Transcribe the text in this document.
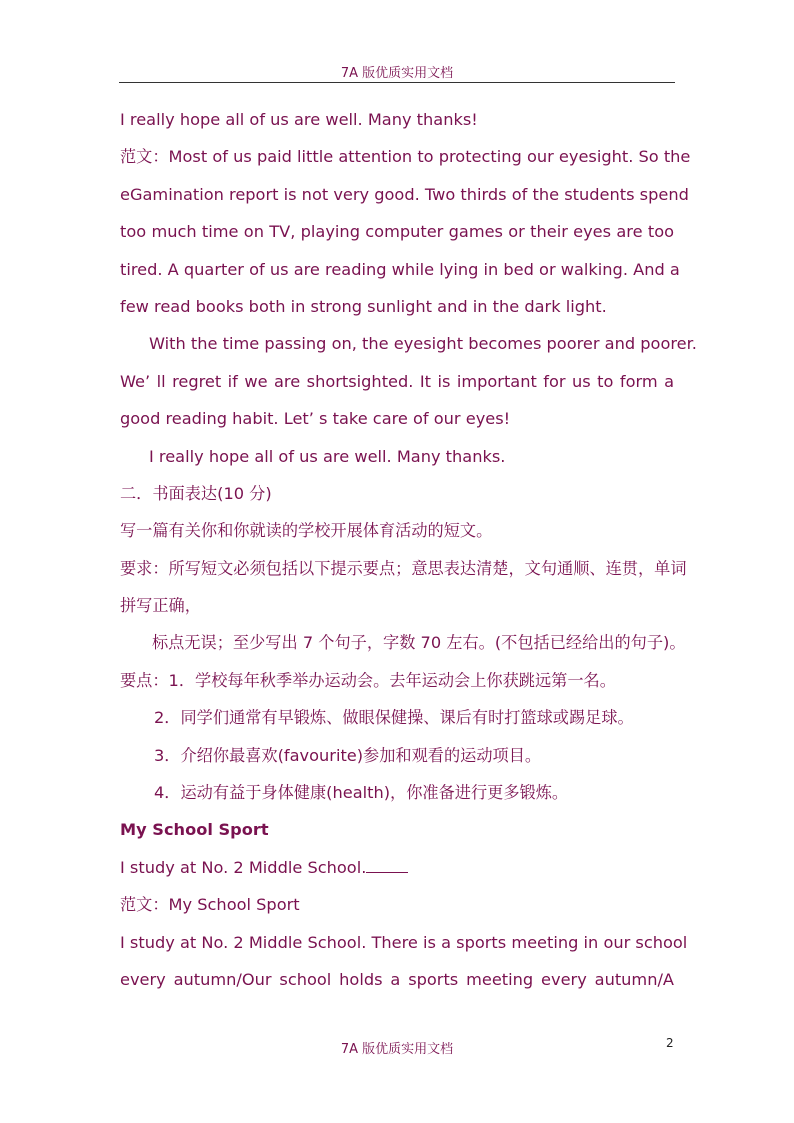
7A 版优质实用文档
I really hope all of us are well. Many thanks!
范文：Most of us paid little attention to protecting our eyesight. So the
eGamination report is not very good. Two thirds of the students spend
too much time on TV, playing computer games or their eyes are too
tired. A quarter of us are reading while lying in bed or walking. And a
few read books both in strong sunlight and in the dark light.
With the time passing on, the eyesight becomes poorer and poorer.
We’ ll regret if we are shortsighted. It is important for us to form a
good reading habit. Let’ s take care of our eyes!
I really hope all of us are well. Many thanks.
二．书面表达(10 分)
写一篇有关你和你就读的学校开展体育活动的短文。
要求：所写短文必须包括以下提示要点；意思表达清楚，文句通顺、连贯，单词
拼写正确，
标点无误；至少写出 7 个句子，字数 70 左右。(不包括已经给出的句子)。
要点：1．学校每年秋季举办运动会。去年运动会上你获跳远第一名。
2．同学们通常有早锻炼、做眼保健操、课后有时打篮球或踢足球。
3．介绍你最喜欢(favourite)参加和观看的运动项目。
4．运动有益于身体健康(health)，你准备进行更多锻炼。
My School Sport
I study at No. 2 Middle School.
范文：My School Sport
I study at No. 2 Middle School. There is a sports meeting in our school
every autumn/Our school holds a sports meeting every autumn/A
7A 版优质实用文档	2
